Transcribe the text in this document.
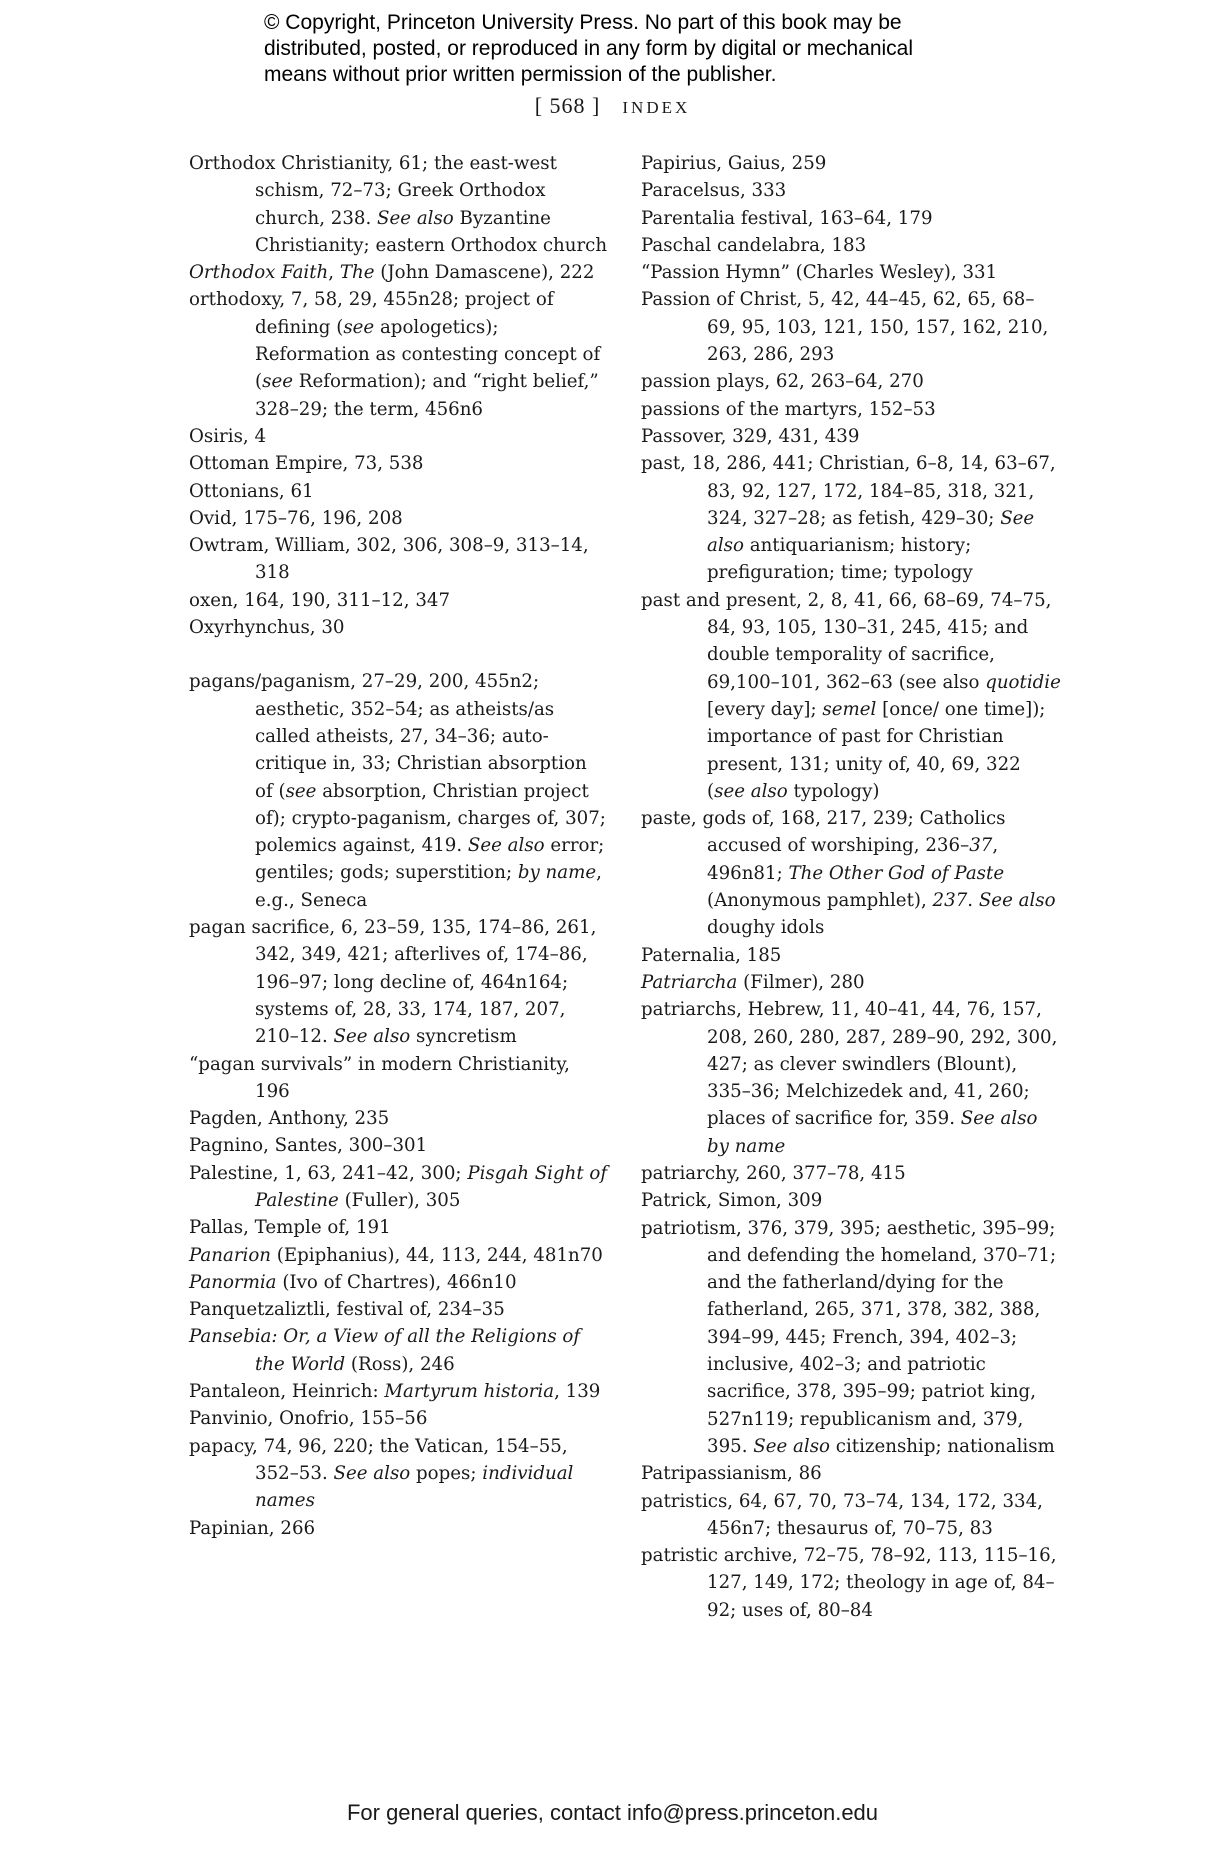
© Copyright, Princeton University Press. No part of this book may be
distributed, posted, or reproduced in any form by digital or mechanical
means without prior written permission of the publisher.
[ 568 ] INDEX
Orthodox Christianity, 61; the east-west schism, 72–73; Greek Orthodox church, 238. See also Byzantine Christianity; eastern Orthodox church
Orthodox Faith, The (John Damascene), 222
orthodoxy, 7, 58, 29, 455n28; project of defining (see apologetics); Reformation as contesting concept of (see Reformation); and “right belief,” 328–29; the term, 456n6
Osiris, 4
Ottoman Empire, 73, 538
Ottonians, 61
Ovid, 175–76, 196, 208
Owtram, William, 302, 306, 308–9, 313–14, 318
oxen, 164, 190, 311–12, 347
Oxyrhynchus, 30
pagans/paganism, 27–29, 200, 455n2; aesthetic, 352–54; as atheists/as called atheists, 27, 34–36; auto-critique in, 33; Christian absorption of (see absorption, Christian project of); crypto-paganism, charges of, 307; polemics against, 419. See also error; gentiles; gods; superstition; by name, e.g., Seneca
pagan sacrifice, 6, 23–59, 135, 174–86, 261, 342, 349, 421; afterlives of, 174–86, 196–97; long decline of, 464n164; systems of, 28, 33, 174, 187, 207, 210–12. See also syncretism
“pagan survivals” in modern Christianity, 196
Pagden, Anthony, 235
Pagnino, Santes, 300–301
Palestine, 1, 63, 241–42, 300; Pisgah Sight of Palestine (Fuller), 305
Pallas, Temple of, 191
Panarion (Epiphanius), 44, 113, 244, 481n70
Panormia (Ivo of Chartres), 466n10
Panquetzaliztli, festival of, 234–35
Pansebia: Or, a View of all the Religions of the World (Ross), 246
Pantaleon, Heinrich: Martyrum historia, 139
Panvinio, Onofrio, 155–56
papacy, 74, 96, 220; the Vatican, 154–55, 352–53. See also popes; individual names
Papinian, 266
Papirius, Gaius, 259
Paracelsus, 333
Parentalia festival, 163–64, 179
Paschal candelabra, 183
“Passion Hymn” (Charles Wesley), 331
Passion of Christ, 5, 42, 44–45, 62, 65, 68–69, 95, 103, 121, 150, 157, 162, 210, 263, 286, 293
passion plays, 62, 263–64, 270
passions of the martyrs, 152–53
Passover, 329, 431, 439
past, 18, 286, 441; Christian, 6–8, 14, 63–67, 83, 92, 127, 172, 184–85, 318, 321, 324, 327–28; as fetish, 429–30; See also antiquarianism; history; prefiguration; time; typology
past and present, 2, 8, 41, 66, 68–69, 74–75, 84, 93, 105, 130–31, 245, 415; and double temporality of sacrifice, 69,100–101, 362–63 (see also quotidie [every day]; semel [once/ one time]); importance of past for Christian present, 131; unity of, 40, 69, 322 (see also typology)
paste, gods of, 168, 217, 239; Catholics accused of worshiping, 236–37, 496n81; The Other God of Paste (Anonymous pamphlet), 237. See also doughy idols
Paternalia, 185
Patriarcha (Filmer), 280
patriarchs, Hebrew, 11, 40–41, 44, 76, 157, 208, 260, 280, 287, 289–90, 292, 300, 427; as clever swindlers (Blount), 335–36; Melchizedek and, 41, 260; places of sacrifice for, 359. See also by name
patriarchy, 260, 377–78, 415
Patrick, Simon, 309
patriotism, 376, 379, 395; aesthetic, 395–99; and defending the homeland, 370–71; and the fatherland/dying for the fatherland, 265, 371, 378, 382, 388, 394–99, 445; French, 394, 402–3; inclusive, 402–3; and patriotic sacrifice, 378, 395–99; patriot king, 527n119; republicanism and, 379, 395. See also citizenship; nationalism
Patripassianism, 86
patristics, 64, 67, 70, 73–74, 134, 172, 334, 456n7; thesaurus of, 70–75, 83
patristic archive, 72–75, 78–92, 113, 115–16, 127, 149, 172; theology in age of, 84–92; uses of, 80–84
For general queries, contact info@press.princeton.edu
